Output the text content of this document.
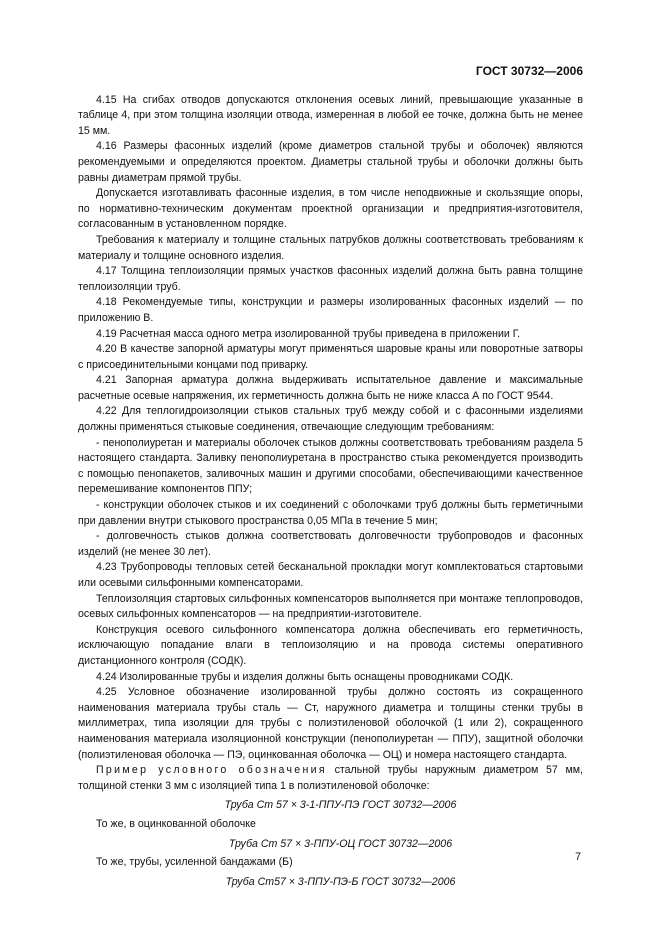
ГОСТ 30732—2006

4.15 На сгибах отводов допускаются отклонения осевых линий, превышающие указанные в таблице 4, при этом толщина изоляции отвода, измеренная в любой ее точке, должна быть не менее 15 мм.

4.16 Размеры фасонных изделий (кроме диаметров стальной трубы и оболочек) являются рекомендуемыми и определяются проектом. Диаметры стальной трубы и оболочки должны быть равны диаметрам прямой трубы.

Допускается изготавливать фасонные изделия, в том числе неподвижные и скользящие опоры, по нормативно-техническим документам проектной организации и предприятия-изготовителя, согласованным в установленном порядке.

Требования к материалу и толщине стальных патрубков должны соответствовать требованиям к материалу и толщине основного изделия.

4.17 Толщина теплоизоляции прямых участков фасонных изделий должна быть равна толщине теплоизоляции труб.

4.18 Рекомендуемые типы, конструкции и размеры изолированных фасонных изделий — по приложению В.

4.19 Расчетная масса одного метра изолированной трубы приведена в приложении Г.

4.20 В качестве запорной арматуры могут применяться шаровые краны или поворотные затворы с присоединительными концами под приварку.

4.21 Запорная арматура должна выдерживать испытательное давление и максимальные расчетные осевые напряжения, их герметичность должна быть не ниже класса А по ГОСТ 9544.

4.22 Для теплогидроизоляции стыков стальных труб между собой и с фасонными изделиями должны применяться стыковые соединения, отвечающие следующим требованиям:

- пенополиуретан и материалы оболочек стыков должны соответствовать требованиям раздела 5 настоящего стандарта. Заливку пенополиуретана в пространство стыка рекомендуется производить с помощью пенопакетов, заливочных машин и другими способами, обеспечивающими качественное перемешивание компонентов ППУ;

- конструкции оболочек стыков и их соединений с оболочками труб должны быть герметичными при давлении внутри стыкового пространства 0,05 МПа в течение 5 мин;

- долговечность стыков должна соответствовать долговечности трубопроводов и фасонных изделий (не менее 30 лет).

4.23 Трубопроводы тепловых сетей бесканальной прокладки могут комплектоваться стартовыми или осевыми сильфонными компенсаторами.

Теплоизоляция стартовых сильфонных компенсаторов выполняется при монтаже теплопроводов, осевых сильфонных компенсаторов — на предприятии-изготовителе.

Конструкция осевого сильфонного компенсатора должна обеспечивать его герметичность, исключающую попадание влаги в теплоизоляцию и на провода системы оперативного дистанционного контроля (СОДК).

4.24 Изолированные трубы и изделия должны быть оснащены проводниками СОДК.

4.25 Условное обозначение изолированной трубы должно состоять из сокращенного наименования материала трубы сталь — Ст, наружного диаметра и толщины стенки трубы в миллиметрах, типа изоляции для трубы с полиэтиленовой оболочкой (1 или 2), сокращенного наименования материала изоляционной конструкции (пенополиуретан — ППУ), защитной оболочки (полиэтиленовая оболочка — ПЭ, оцинкованная оболочка — ОЦ) и номера настоящего стандарта.

Пример условного обозначения стальной трубы наружным диаметром 57 мм, толщиной стенки 3 мм с изоляцией типа 1 в полиэтиленовой оболочке:

Труба Ст 57 × 3-1-ППУ-ПЭ ГОСТ 30732—2006

То же, в оцинкованной оболочке

Труба Ст 57 × 3-ППУ-ОЦ ГОСТ 30732—2006

То же, трубы, усиленной бандажами (Б)

Труба Ст57 × 3-ППУ-ПЭ-Б ГОСТ 30732—2006
7
